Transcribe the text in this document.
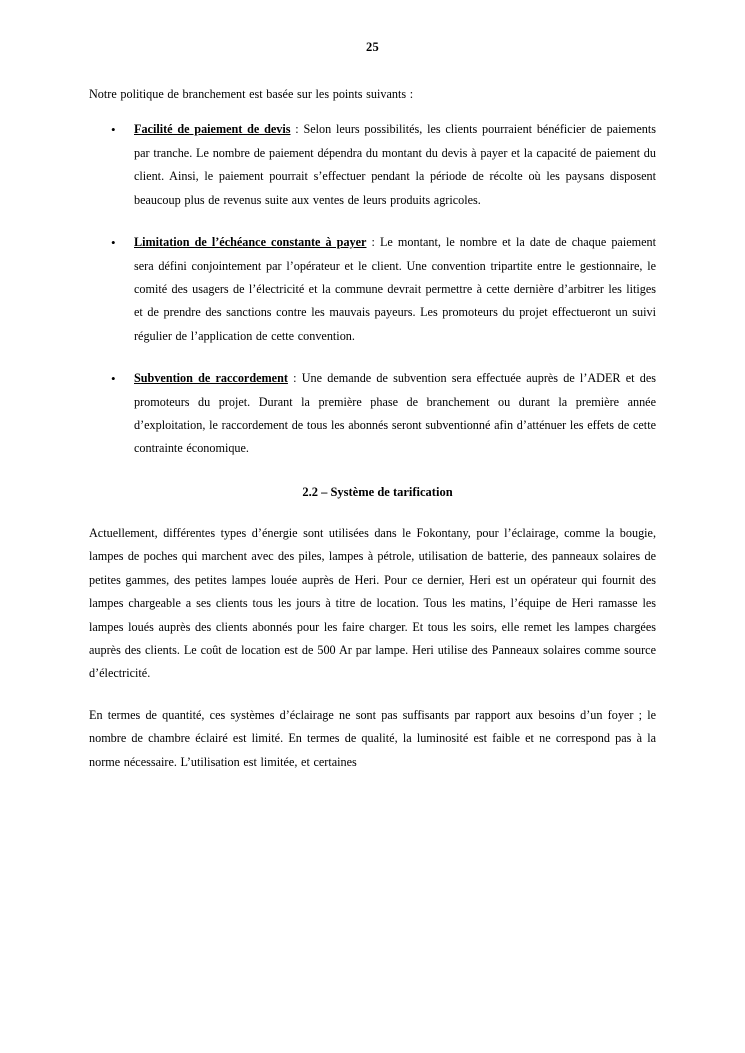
25

Notre politique de branchement est basée sur les points suivants :

• Facilité de paiement de devis : Selon leurs possibilités, les clients pourraient bénéficier de paiements par tranche. Le nombre de paiement dépendra du montant du devis à payer et la capacité de paiement du client. Ainsi, le paiement pourrait s’effectuer pendant la période de récolte où les paysans disposent beaucoup plus de revenus suite aux ventes de leurs produits agricoles.
• Limitation de l’échéance constante à payer : Le montant, le nombre et la date de chaque paiement sera défini conjointement par l’opérateur et le client. Une convention tripartite entre le gestionnaire, le comité des usagers de l’électricité et la commune devrait permettre à cette dernière d’arbitrer les litiges et de prendre des sanctions contre les mauvais payeurs. Les promoteurs du projet effectueront un suivi régulier de l’application de cette convention.
• Subvention de raccordement : Une demande de subvention sera effectuée auprès de l’ADER et des promoteurs du projet. Durant la première phase de branchement ou durant la première année d’exploitation, le raccordement de tous les abonnés seront subventionné afin d’atténuer les effets de cette contrainte économique.
2.2 – Système de tarification

Actuellement, différentes types d’énergie sont utilisées dans le Fokontany, pour l’éclairage, comme la bougie, lampes de poches qui marchent avec des piles, lampes à pétrole, utilisation de batterie, des panneaux solaires de petites gammes, des petites lampes louée auprès de Heri. Pour ce dernier, Heri est un opérateur qui fournit des lampes chargeable a ses clients tous les jours à titre de location. Tous les matins, l’équipe de Heri ramasse les lampes loués auprès des clients abonnés pour les faire charger. Et tous les soirs, elle remet les lampes chargées auprès des clients. Le coût de location est de 500 Ar par lampe. Heri utilise des Panneaux solaires comme source d’électricité.

En termes de quantité, ces systèmes d’éclairage ne sont pas suffisants par rapport aux besoins d’un foyer ; le nombre de chambre éclairé est limité. En termes de qualité, la luminosité est faible et ne correspond pas à la norme nécessaire. L’utilisation est limitée, et certaines
